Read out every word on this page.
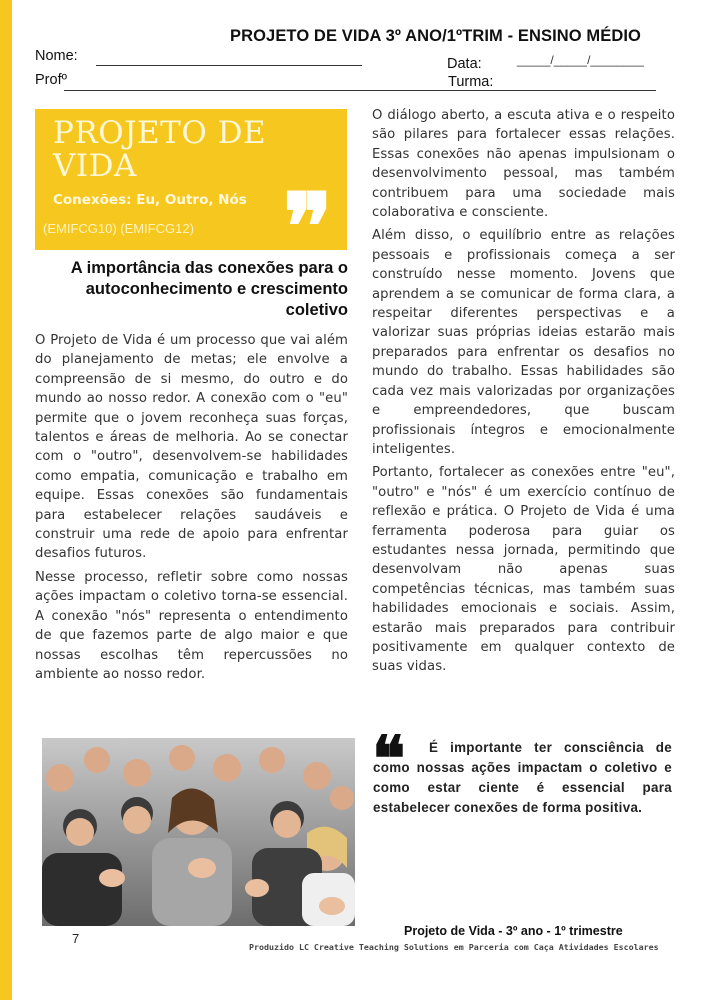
PROJETO DE VIDA 3º ANO/1ºTRIM - ENSINO MÉDIO
Nome:
Profº
Data:	_____/_____/________
Turma:
PROJETO DE
VIDA
Conexões: Eu, Outro, Nós
(EMIFCG10) (EMIFCG12) ❞
A importância das conexões para o autoconhecimento e crescimento coletivo

O Projeto de Vida é um processo que vai além do planejamento de metas; ele envolve a compreensão de si mesmo, do outro e do mundo ao nosso redor. A conexão com o "eu" permite que o jovem reconheça suas forças, talentos e áreas de melhoria. Ao se conectar com o "outro", desenvolvem-se habilidades como empatia, comunicação e trabalho em equipe. Essas conexões são fundamentais para estabelecer relações saudáveis e construir uma rede de apoio para enfrentar desafios futuros.

Nesse processo, refletir sobre como nossas ações impactam o coletivo torna-se essencial. A conexão "nós" representa o entendimento de que fazemos parte de algo maior e que nossas escolhas têm repercussões no ambiente ao nosso redor.

O diálogo aberto, a escuta ativa e o respeito são pilares para fortalecer essas relações. Essas conexões não apenas impulsionam o desenvolvimento pessoal, mas também contribuem para uma sociedade mais colaborativa e consciente.

Além disso, o equilíbrio entre as relações pessoais e profissionais começa a ser construído nesse momento. Jovens que aprendem a se comunicar de forma clara, a respeitar diferentes perspectivas e a valorizar suas próprias ideias estarão mais preparados para enfrentar os desafios no mundo do trabalho. Essas habilidades são cada vez mais valorizadas por organizações e empreendedores, que buscam profissionais íntegros e emocionalmente inteligentes.

Portanto, fortalecer as conexões entre "eu", "outro" e "nós" é um exercício contínuo de reflexão e prática. O Projeto de Vida é uma ferramenta poderosa para guiar os estudantes nessa jornada, permitindo que desenvolvam não apenas suas competências técnicas, mas também suas habilidades emocionais e sociais. Assim, estarão mais preparados para contribuir positivamente em qualquer contexto de suas vidas.

❝	É importante ter consciência de como nossas ações impactam o coletivo e como estar ciente é essencial para estabelecer conexões de forma positiva.
Projeto de Vida - 3º ano - 1º trimestre
Produzido LC Creative Teaching Solutions em Parceria com Caça Atividades Escolares
7
